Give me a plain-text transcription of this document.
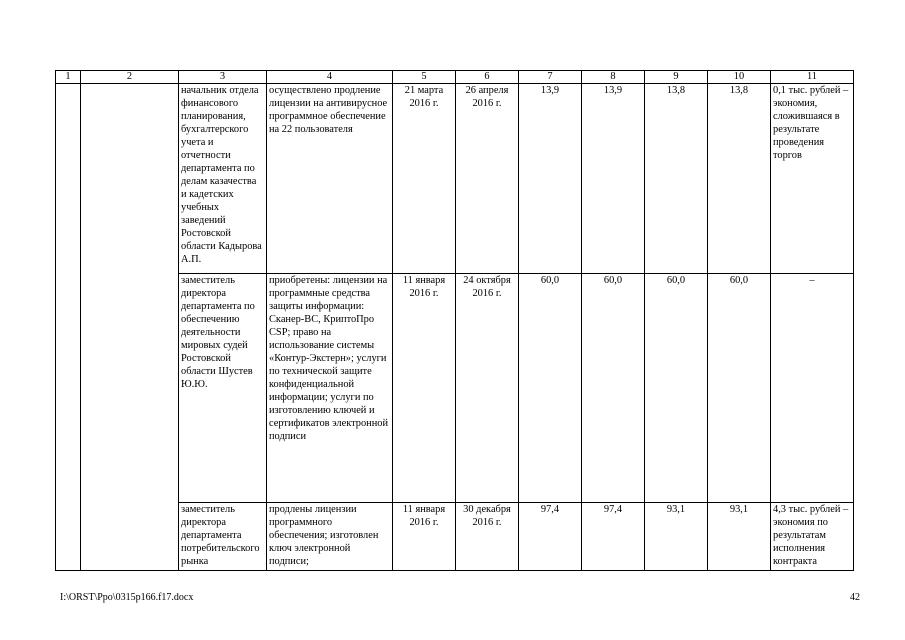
1	2	3	4	5	6	7	8	9	10	11
		начальник отдела финансового планирования, бухгалтерского учета и отчетности департамента по делам казачества и кадетских учебных заведений Ростовской области Кадырова А.П.	осуществлено продление лицензии на антивирусное программное обеспечение на 22 пользователя	21 марта 2016 г.	26 апреля 2016 г.	13,9	13,9	13,8	13,8	0,1 тыс. рублей – экономия, сложившаяся в результате проведения торгов
		заместитель директора департамента по обеспечению деятельности мировых судей Ростовской области Шустев Ю.Ю.	приобретены: лицензии на программные средства защиты информации: Сканер-ВС, КриптоПро CSP; право на использование системы «Контур-Экстерн»; услуги по технической защите конфиденциальной информации; услуги по изготовлению ключей и сертификатов электронной подписи	11 января 2016 г.	24 октября 2016 г.	60,0	60,0	60,0	60,0	–
		заместитель директора департамента потребительского рынка	продлены лицензии программного обеспечения; изготовлен ключ электронной подписи;	11 января 2016 г.	30 декабря 2016 г.	97,4	97,4	93,1	93,1	4,3 тыс. рублей – экономия по результатам исполнения контракта
I:\ORST\Ppo\0315p166.f17.docx	42
